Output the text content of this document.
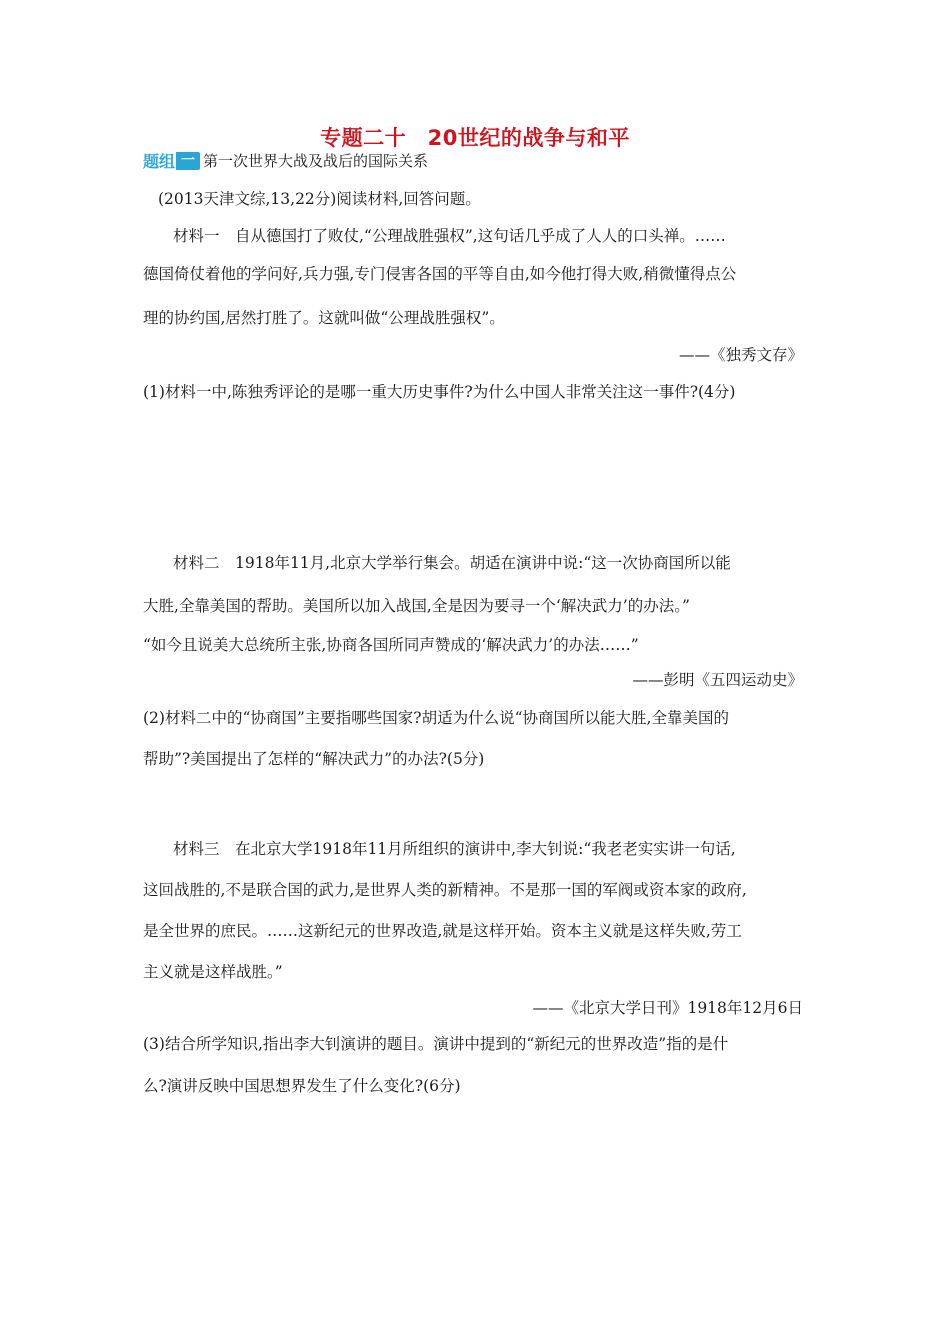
专题二十　20世纪的战争与和平
题组 一 第一次世界大战及战后的国际关系
(2013天津文综,13,22分)阅读材料,回答问题。
材料一　自从德国打了败仗,“公理战胜强权”,这句话几乎成了人人的口头禅。……
德国倚仗着他的学问好,兵力强,专门侵害各国的平等自由,如今他打得大败,稍微懂得点公
理的协约国,居然打胜了。这就叫做“公理战胜强权”。
——《独秀文存》
(1)材料一中,陈独秀评论的是哪一重大历史事件?为什么中国人非常关注这一事件?(4分)
材料二　1918年11月,北京大学举行集会。胡适在演讲中说:“这一次协商国所以能
大胜,全靠美国的帮助。美国所以加入战国,全是因为要寻一个‘解决武力’的办法。”
“如今且说美大总统所主张,协商各国所同声赞成的‘解决武力’的办法……”
——彭明《五四运动史》
(2)材料二中的“协商国”主要指哪些国家?胡适为什么说“协商国所以能大胜,全靠美国的
帮助”?美国提出了怎样的“解决武力”的办法?(5分)
材料三　在北京大学1918年11月所组织的演讲中,李大钊说:“我老老实实讲一句话,
这回战胜的,不是联合国的武力,是世界人类的新精神。不是那一国的军阀或资本家的政府,
是全世界的庶民。……这新纪元的世界改造,就是这样开始。资本主义就是这样失败,劳工
主义就是这样战胜。”
——《北京大学日刊》1918年12月6日
(3)结合所学知识,指出李大钊演讲的题目。演讲中提到的“新纪元的世界改造”指的是什
么?演讲反映中国思想界发生了什么变化?(6分)
